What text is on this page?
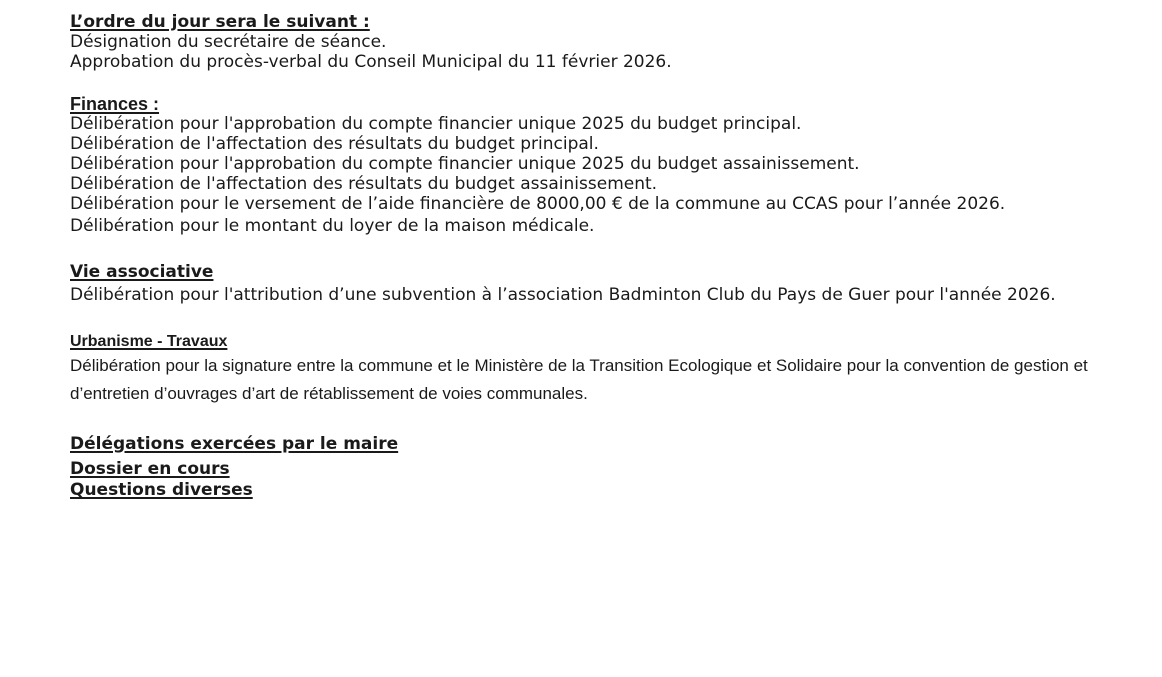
L’ordre du jour sera le suivant :

Désignation du secrétaire de séance.

Approbation du procès-verbal du Conseil Municipal du 11 février 2026.

Finances :

Délibération pour l'approbation du compte financier unique 2025 du budget principal.

Délibération de l'affectation des résultats du budget principal.

Délibération pour l'approbation du compte financier unique 2025 du budget assainissement.

Délibération de l'affectation des résultats du budget assainissement.

Délibération pour le versement de l’aide financière de 8000,00 € de la commune au CCAS pour l’année 2026.

Délibération pour le montant du loyer de la maison médicale.

Vie associative

Délibération pour l'attribution d’une subvention à l’association Badminton Club du Pays de Guer pour l'année 2026.

Urbanisme - Travaux

Délibération pour la signature entre la commune et le Ministère de la Transition Ecologique et Solidaire pour la convention de gestion et d’entretien d’ouvrages d’art de rétablissement de voies communales.

Délégations exercées par le maire

Dossier en cours

Questions diverses
